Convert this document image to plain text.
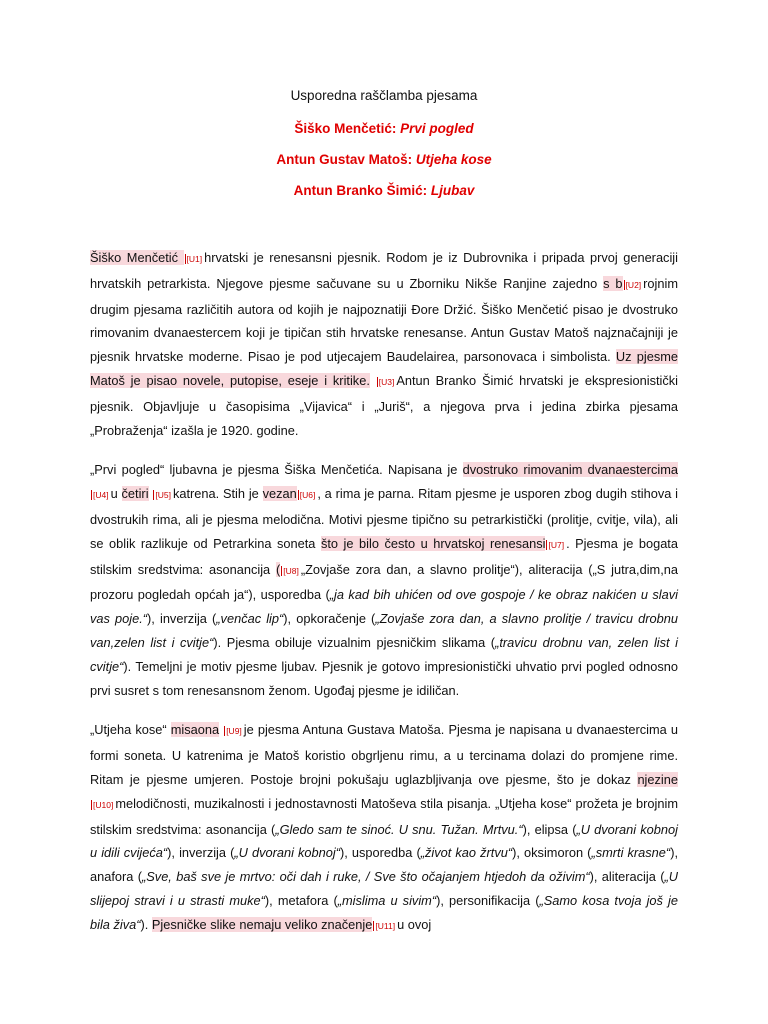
Usporedna raščlamba pjesama
Šiško Menčetić: Prvi pogled
Antun Gustav Matoš: Utjeha kose
Antun Branko Šimić: Ljubav

Šiško Menčetić [U1] hrvatski je renesansni pjesnik. Rodom je iz Dubrovnika i pripada prvoj generaciji hrvatskih petrarkista. Njegove pjesme sačuvane su u Zborniku Nikše Ranjine zajedno s b [U2] rojnim drugim pjesama različitih autora od kojih je najpoznatiji Đore Držić. Šiško Menčetić pisao je dvostruko rimovanim dvanaestercem koji je tipičan stih hrvatske renesanse. Antun Gustav Matoš najznačajniji je pjesnik hrvatske moderne. Pisao je pod utjecajem Baudelairea, parsonovaca i simbolista. Uz pjesme Matoš je pisao novele, putopise, eseje i kritike. [U3] Antun Branko Šimić hrvatski je ekspresionistički pjesnik. Objavljuje u časopisima „Vijavica“ i „Juriš“, a njegova prva i jedina zbirka pjesama „Probraženja“ izašla je 1920. godine.

„Prvi pogled“ ljubavna je pjesma Šiška Menčetića. Napisana je dvostruko rimovanim dvanaestercima [U4] u četiri [U5] katrena. Stih je vezan [U6] , a rima je parna. Ritam pjesme je usporen zbog dugih stihova i dvostrukih rima, ali je pjesma melodična. Motivi pjesme tipično su petrarkistički (prolitje, cvitje, vila), ali se oblik razlikuje od Petrarkina soneta što je bilo često u hrvatskoj renesansi [U7] . Pjesma je bogata stilskim sredstvima: asonancija ( [U8] „Zovjaše zora dan, a slavno prolitje“), aliteracija („S jutra,dim,na prozoru pogledah općah ja“), usporedba („ja kad bih uhićen od ove gospoje / ke obraz nakićen u slavi vas poje.“), inverzija („venčac lip“), opkoračenje („Zovjaše zora dan, a slavno prolitje / travicu drobnu van,zelen list i cvitje“). Pjesma obiluje vizualnim pjesničkim slikama („travicu drobnu van, zelen list i cvitje“). Temeljni je motiv pjesme ljubav. Pjesnik je gotovo impresionistički uhvatio prvi pogled odnosno prvi susret s tom renesansnom ženom. Ugođaj pjesme je idiličan.

„Utjeha kose“ misaona [U9] je pjesma Antuna Gustava Matoša. Pjesma je napisana u dvanaestercima u formi soneta. U katrenima je Matoš koristio obgrljenu rimu, a u tercinama dolazi do promjene rime. Ritam je pjesme umjeren. Postoje brojni pokušaju uglazbljivanja ove pjesme, što je dokaz njezine [U10] melodičnosti, muzikalnosti i jednostavnosti Matoševa stila pisanja. „Utjeha kose“ prožeta je brojnim stilskim sredstvima: asonancija („Gledo sam te sinoć. U snu. Tužan. Mrtvu.“), elipsa („U dvorani kobnoj u idili cvijeća“), inverzija („U dvorani kobnoj“), usporedba („život kao žrtvu“), oksimoron („smrti krasne“), anafora („Sve, baš sve je mrtvo: oči dah i ruke, / Sve što očajanjem htjedoh da oživim“), aliteracija („U slijepoj stravi i u strasti muke“), metafora („mislima u sivim“), personifikacija („Samo kosa tvoja još je bila živa“). Pjesničke slike nemaju veliko značenje [U11] u ovoj
